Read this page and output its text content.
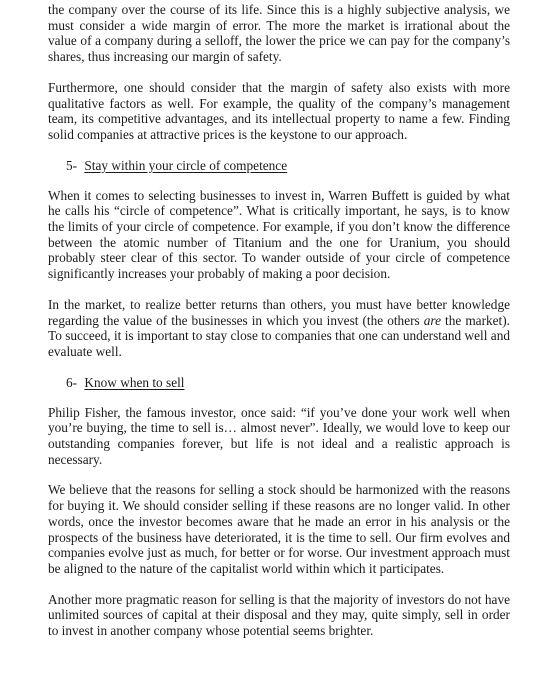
the company over the course of its life. Since this is a highly subjective analysis, we must consider a wide margin of error. The more the market is irrational about the value of a company during a selloff, the lower the price we can pay for the company’s shares, thus increasing our margin of safety.

Furthermore, one should consider that the margin of safety also exists with more qualitative factors as well. For example, the quality of the company’s management team, its competitive advantages, and its intellectual property to name a few. Finding solid companies at attractive prices is the keystone to our approach.

5- Stay within your circle of competence

When it comes to selecting businesses to invest in, Warren Buffett is guided by what he calls his “circle of competence”. What is critically important, he says, is to know the limits of your circle of competence. For example, if you don’t know the difference between the atomic number of Titanium and the one for Uranium, you should probably steer clear of this sector. To wander outside of your circle of competence significantly increases your probably of making a poor decision.

In the market, to realize better returns than others, you must have better knowledge regarding the value of the businesses in which you invest (the others are the market). To succeed, it is important to stay close to companies that one can understand well and evaluate well.

6- Know when to sell

Philip Fisher, the famous investor, once said: “if you’ve done your work well when you’re buying, the time to sell is… almost never”. Ideally, we would love to keep our outstanding companies forever, but life is not ideal and a realistic approach is necessary.

We believe that the reasons for selling a stock should be harmonized with the reasons for buying it. We should consider selling if these reasons are no longer valid. In other words, once the investor becomes aware that he made an error in his analysis or the prospects of the business have deteriorated, it is the time to sell. Our firm evolves and companies evolve just as much, for better or for worse. Our investment approach must be aligned to the nature of the capitalist world within which it participates.

Another more pragmatic reason for selling is that the majority of investors do not have unlimited sources of capital at their disposal and they may, quite simply, sell in order to invest in another company whose potential seems brighter.
